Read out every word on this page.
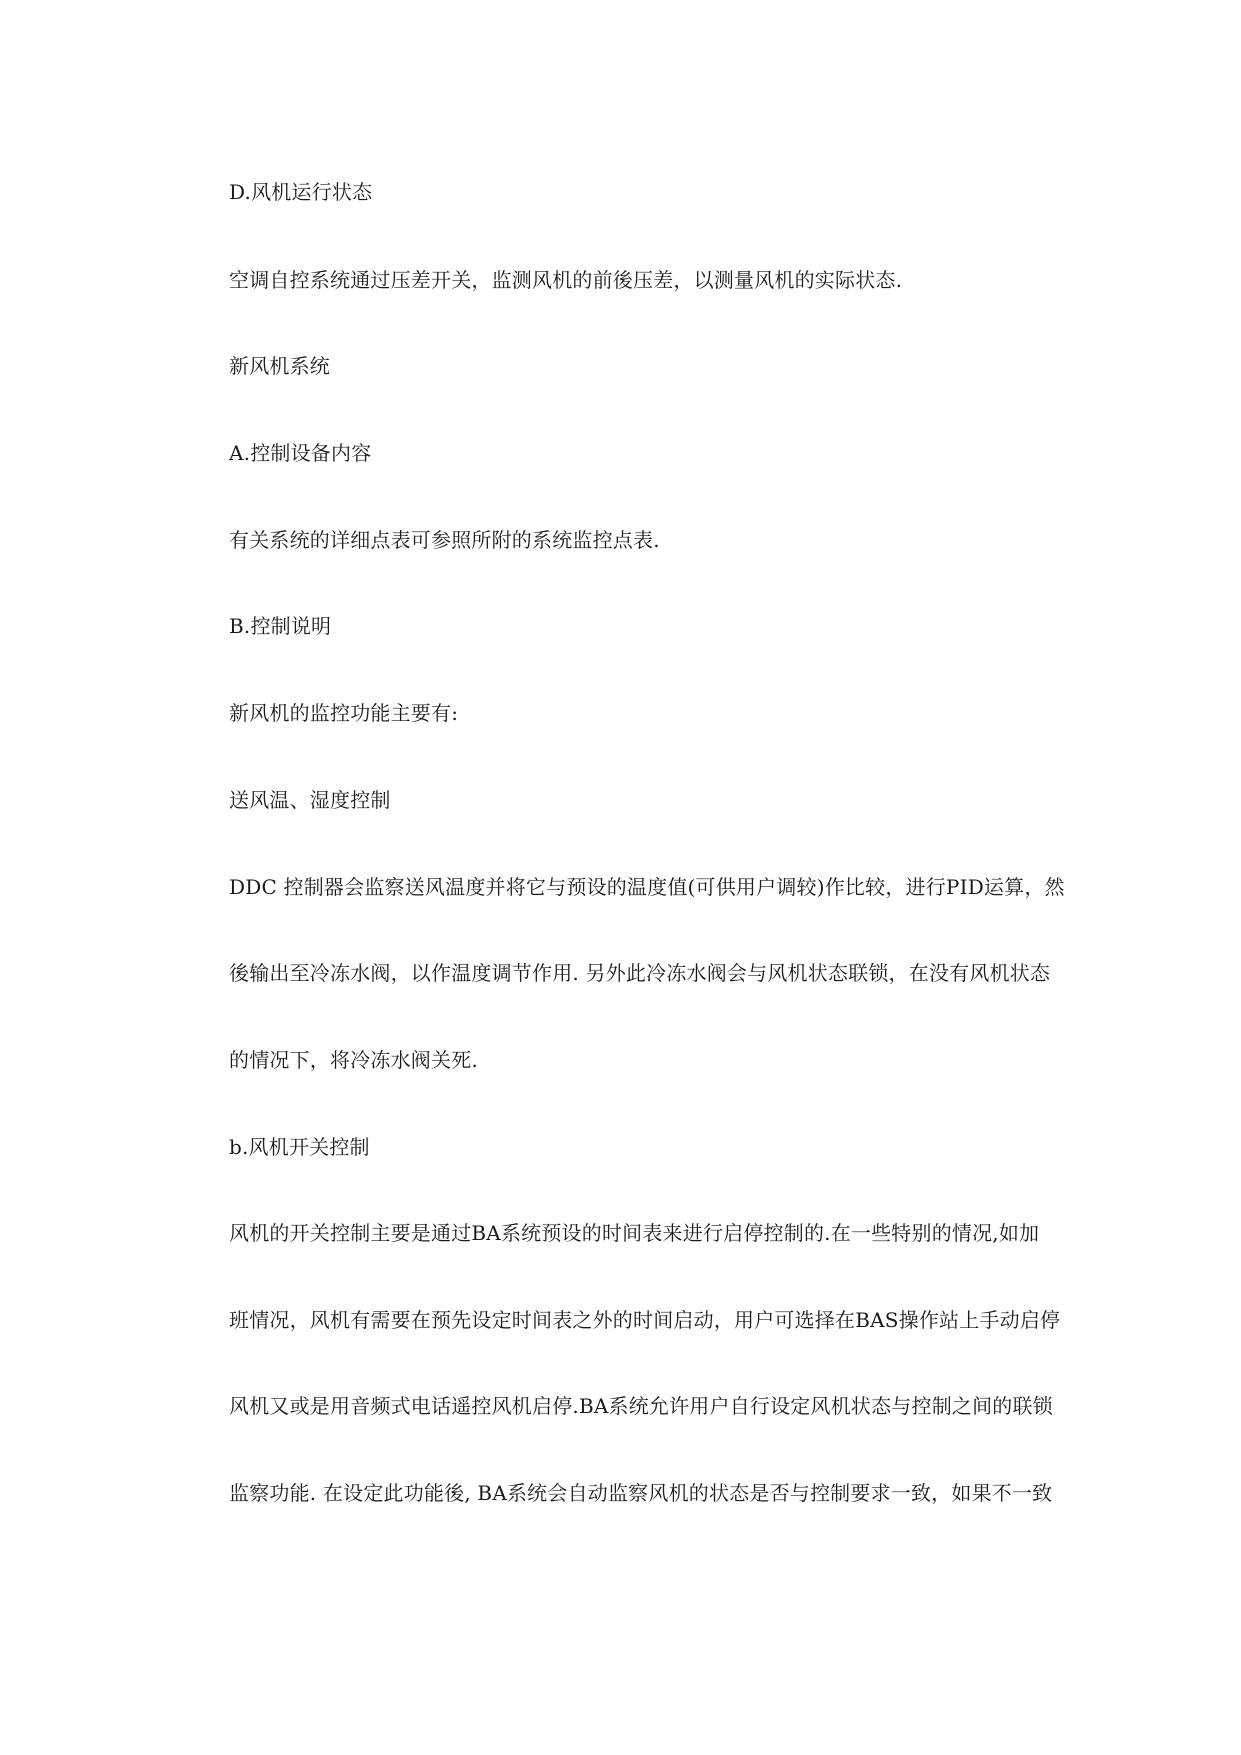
D.风机运行状态
空调自控系统通过压差开关，监测风机的前後压差，以测量风机的实际状态.
新风机系统
A.控制设备内容
有关系统的详细点表可参照所附的系统监控点表.
B.控制说明
新风机的监控功能主要有:
送风温、湿度控制
DDC 控制器会监察送风温度并将它与预设的温度值(可供用户调较)作比较，进行PID运算，然
後输出至冷冻水阀，以作温度调节作用. 另外此冷冻水阀会与风机状态联锁，在没有风机状态
的情况下，将冷冻水阀关死.
b.风机开关控制
风机的开关控制主要是通过BA系统预设的时间表来进行启停控制的.在一些特别的情况,如加
班情况，风机有需要在预先设定时间表之外的时间启动，用户可选择在BAS操作站上手动启停
风机又或是用音频式电话遥控风机启停.BA系统允许用户自行设定风机状态与控制之间的联锁
监察功能. 在设定此功能後, BA系统会自动监察风机的状态是否与控制要求一致，如果不一致
